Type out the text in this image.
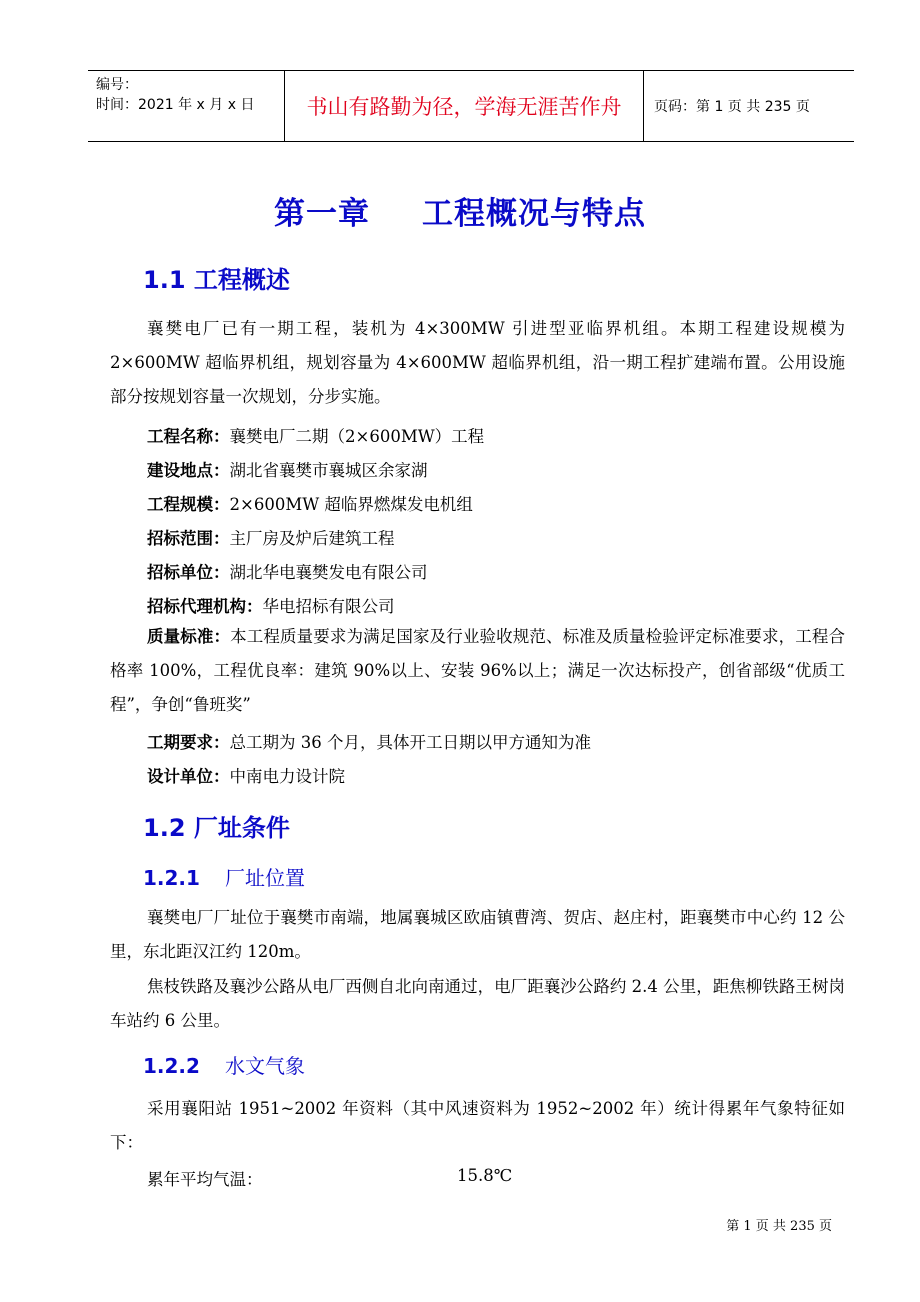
编号：
时间：2021 年 x 月 x 日	书山有路勤为径，学海无涯苦作舟	页码：第 1 页 共 235 页
第一章 工程概况与特点
1.1 工程概述
襄樊电厂已有一期工程，装机为 4×300MW 引进型亚临界机组。本期工程建设规模为 2×600MW 超临界机组，规划容量为 4×600MW 超临界机组，沿一期工程扩建端布置。公用设施部分按规划容量一次规划，分步实施。
工程名称：襄樊电厂二期（2×600MW）工程
建设地点：湖北省襄樊市襄城区余家湖
工程规模：2×600MW 超临界燃煤发电机组
招标范围：主厂房及炉后建筑工程
招标单位：湖北华电襄樊发电有限公司
招标代理机构：华电招标有限公司
质量标准：本工程质量要求为满足国家及行业验收规范、标准及质量检验评定标准要求，工程合格率 100%，工程优良率：建筑 90%以上、安装 96%以上；满足一次达标投产，创省部级“优质工程”，争创“鲁班奖”
工期要求：总工期为 36 个月，具体开工日期以甲方通知为准
设计单位：中南电力设计院
1.2 厂址条件
1.2.1 厂址位置
襄樊电厂厂址位于襄樊市南端，地属襄城区欧庙镇曹湾、贺店、赵庄村，距襄樊市中心约 12 公里，东北距汉江约 120m。
焦枝铁路及襄沙公路从电厂西侧自北向南通过，电厂距襄沙公路约 2.4 公里，距焦柳铁路王树岗车站约 6 公里。
1.2.2 水文气象
采用襄阳站 1951~2002 年资料（其中风速资料为 1952~2002 年）统计得累年气象特征如下：
累年平均气温：	15.8℃
第 1 页 共 235 页
